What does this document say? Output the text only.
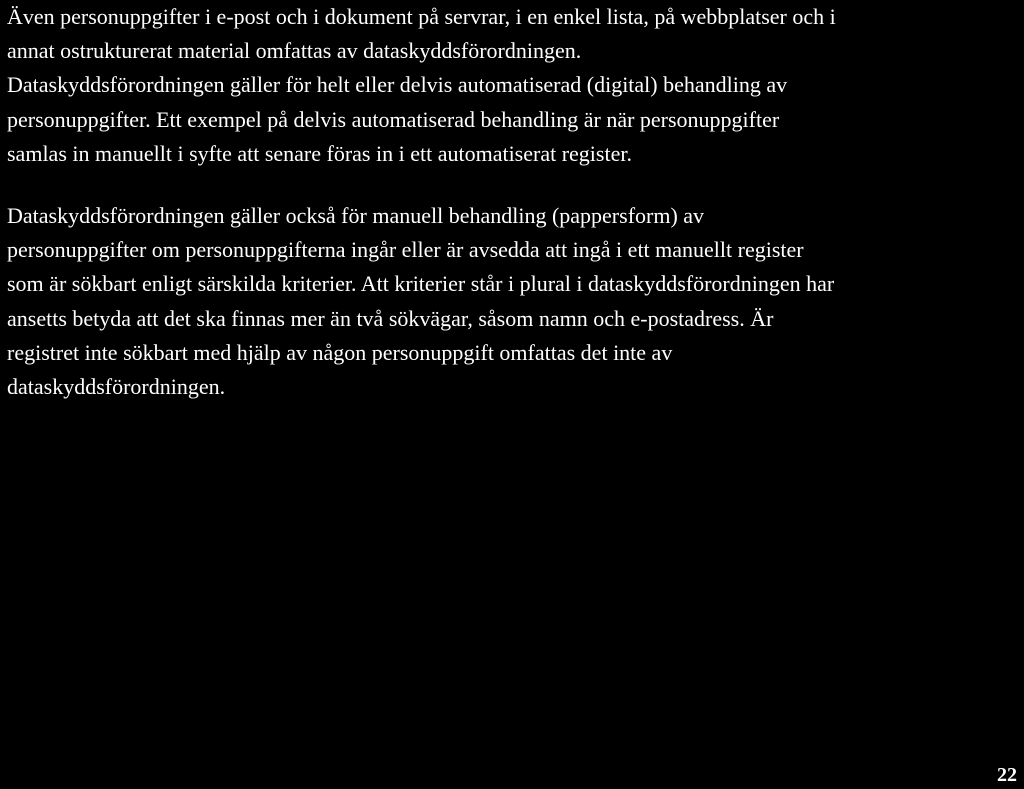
Även personuppgifter i e-post och i dokument på servrar, i en enkel lista, på webbplatser och i
annat ostrukturerat material omfattas av dataskyddsförordningen.
Dataskyddsförordningen gäller för helt eller delvis automatiserad (digital) behandling av
personuppgifter. Ett exempel på delvis automatiserad behandling är när personuppgifter
samlas in manuellt i syfte att senare föras in i ett automatiserat register.

Dataskyddsförordningen gäller också för manuell behandling (pappersform) av
personuppgifter om personuppgifterna ingår eller är avsedda att ingå i ett manuellt register
som är sökbart enligt särskilda kriterier. Att kriterier står i plural i dataskyddsförordningen har
ansetts betyda att det ska finnas mer än två sökvägar, såsom namn och e-postadress. Är
registret inte sökbart med hjälp av någon personuppgift omfattas det inte av
dataskyddsförordningen.

22
